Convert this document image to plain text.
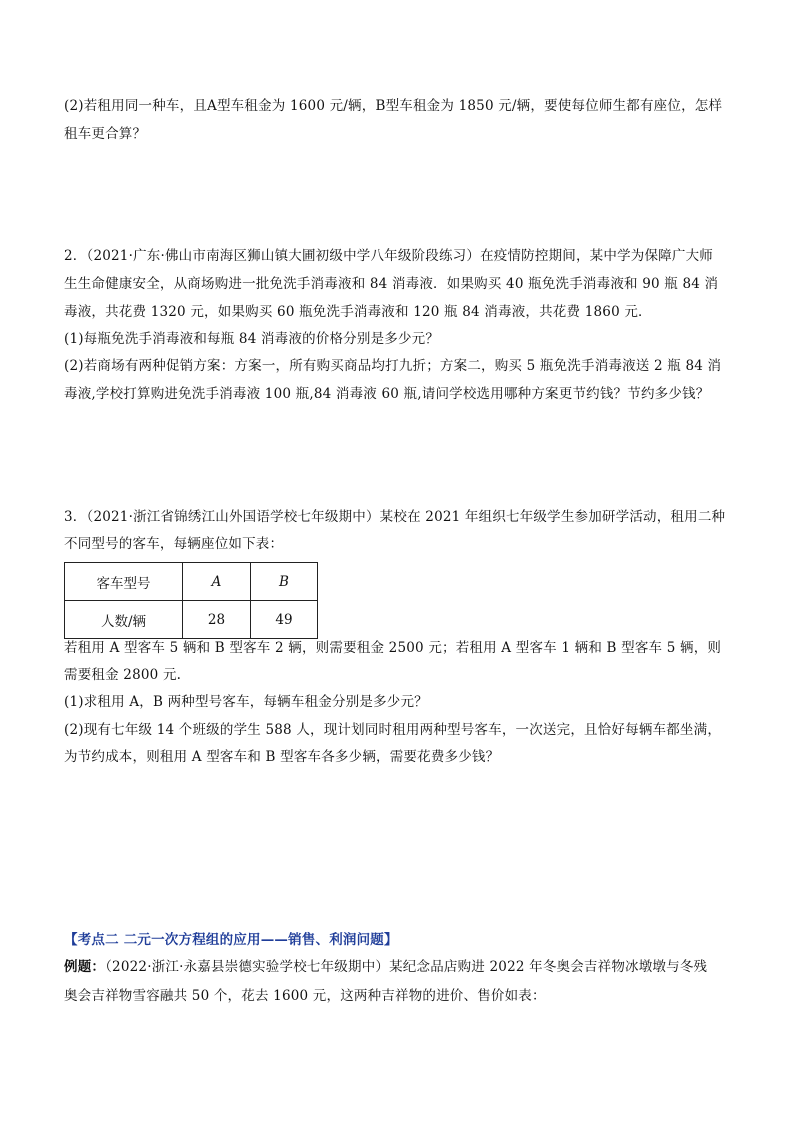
(2)若租用同一种车，且A型车租金为 1600 元/辆，B型车租金为 1850 元/辆，要使每位师生都有座位，怎样
租车更合算？
2．（2021·广东·佛山市南海区狮山镇大圃初级中学八年级阶段练习）在疫情防控期间，某中学为保障广大师
生生命健康安全，从商场购进一批免洗手消毒液和 84 消毒液．如果购买 40 瓶免洗手消毒液和 90 瓶 84 消
毒液，共花费 1320 元，如果购买 60 瓶免洗手消毒液和 120 瓶 84 消毒液，共花费 1860 元．
(1)每瓶免洗手消毒液和每瓶 84 消毒液的价格分别是多少元？
(2)若商场有两种促销方案：方案一，所有购买商品均打九折；方案二，购买 5 瓶免洗手消毒液送 2 瓶 84 消
毒液,学校打算购进免洗手消毒液 100 瓶,84 消毒液 60 瓶,请问学校选用哪种方案更节约钱？节约多少钱？
3．（2021·浙江省锦绣江山外国语学校七年级期中）某校在 2021 年组织七年级学生参加研学活动，租用二种
不同型号的客车，每辆座位如下表：
客车型号	A	B
人数/辆	28	49
若租用 A 型客车 5 辆和 B 型客车 2 辆，则需要租金 2500 元；若租用 A 型客车 1 辆和 B 型客车 5 辆，则
需要租金 2800 元.
(1)求租用 A，B 两种型号客车，每辆车租金分别是多少元？
(2)现有七年级 14 个班级的学生 588 人，现计划同时租用两种型号客车，一次送完，且恰好每辆车都坐满，
为节约成本，则租用 A 型客车和 B 型客车各多少辆，需要花费多少钱？
【考点二 二元一次方程组的应用——销售、利润问题】
例题：（2022·浙江·永嘉县崇德实验学校七年级期中）某纪念品店购进 2022 年冬奥会吉祥物冰墩墩与冬残
奥会吉祥物雪容融共 50 个，花去 1600 元，这两种吉祥物的进价、售价如表：
